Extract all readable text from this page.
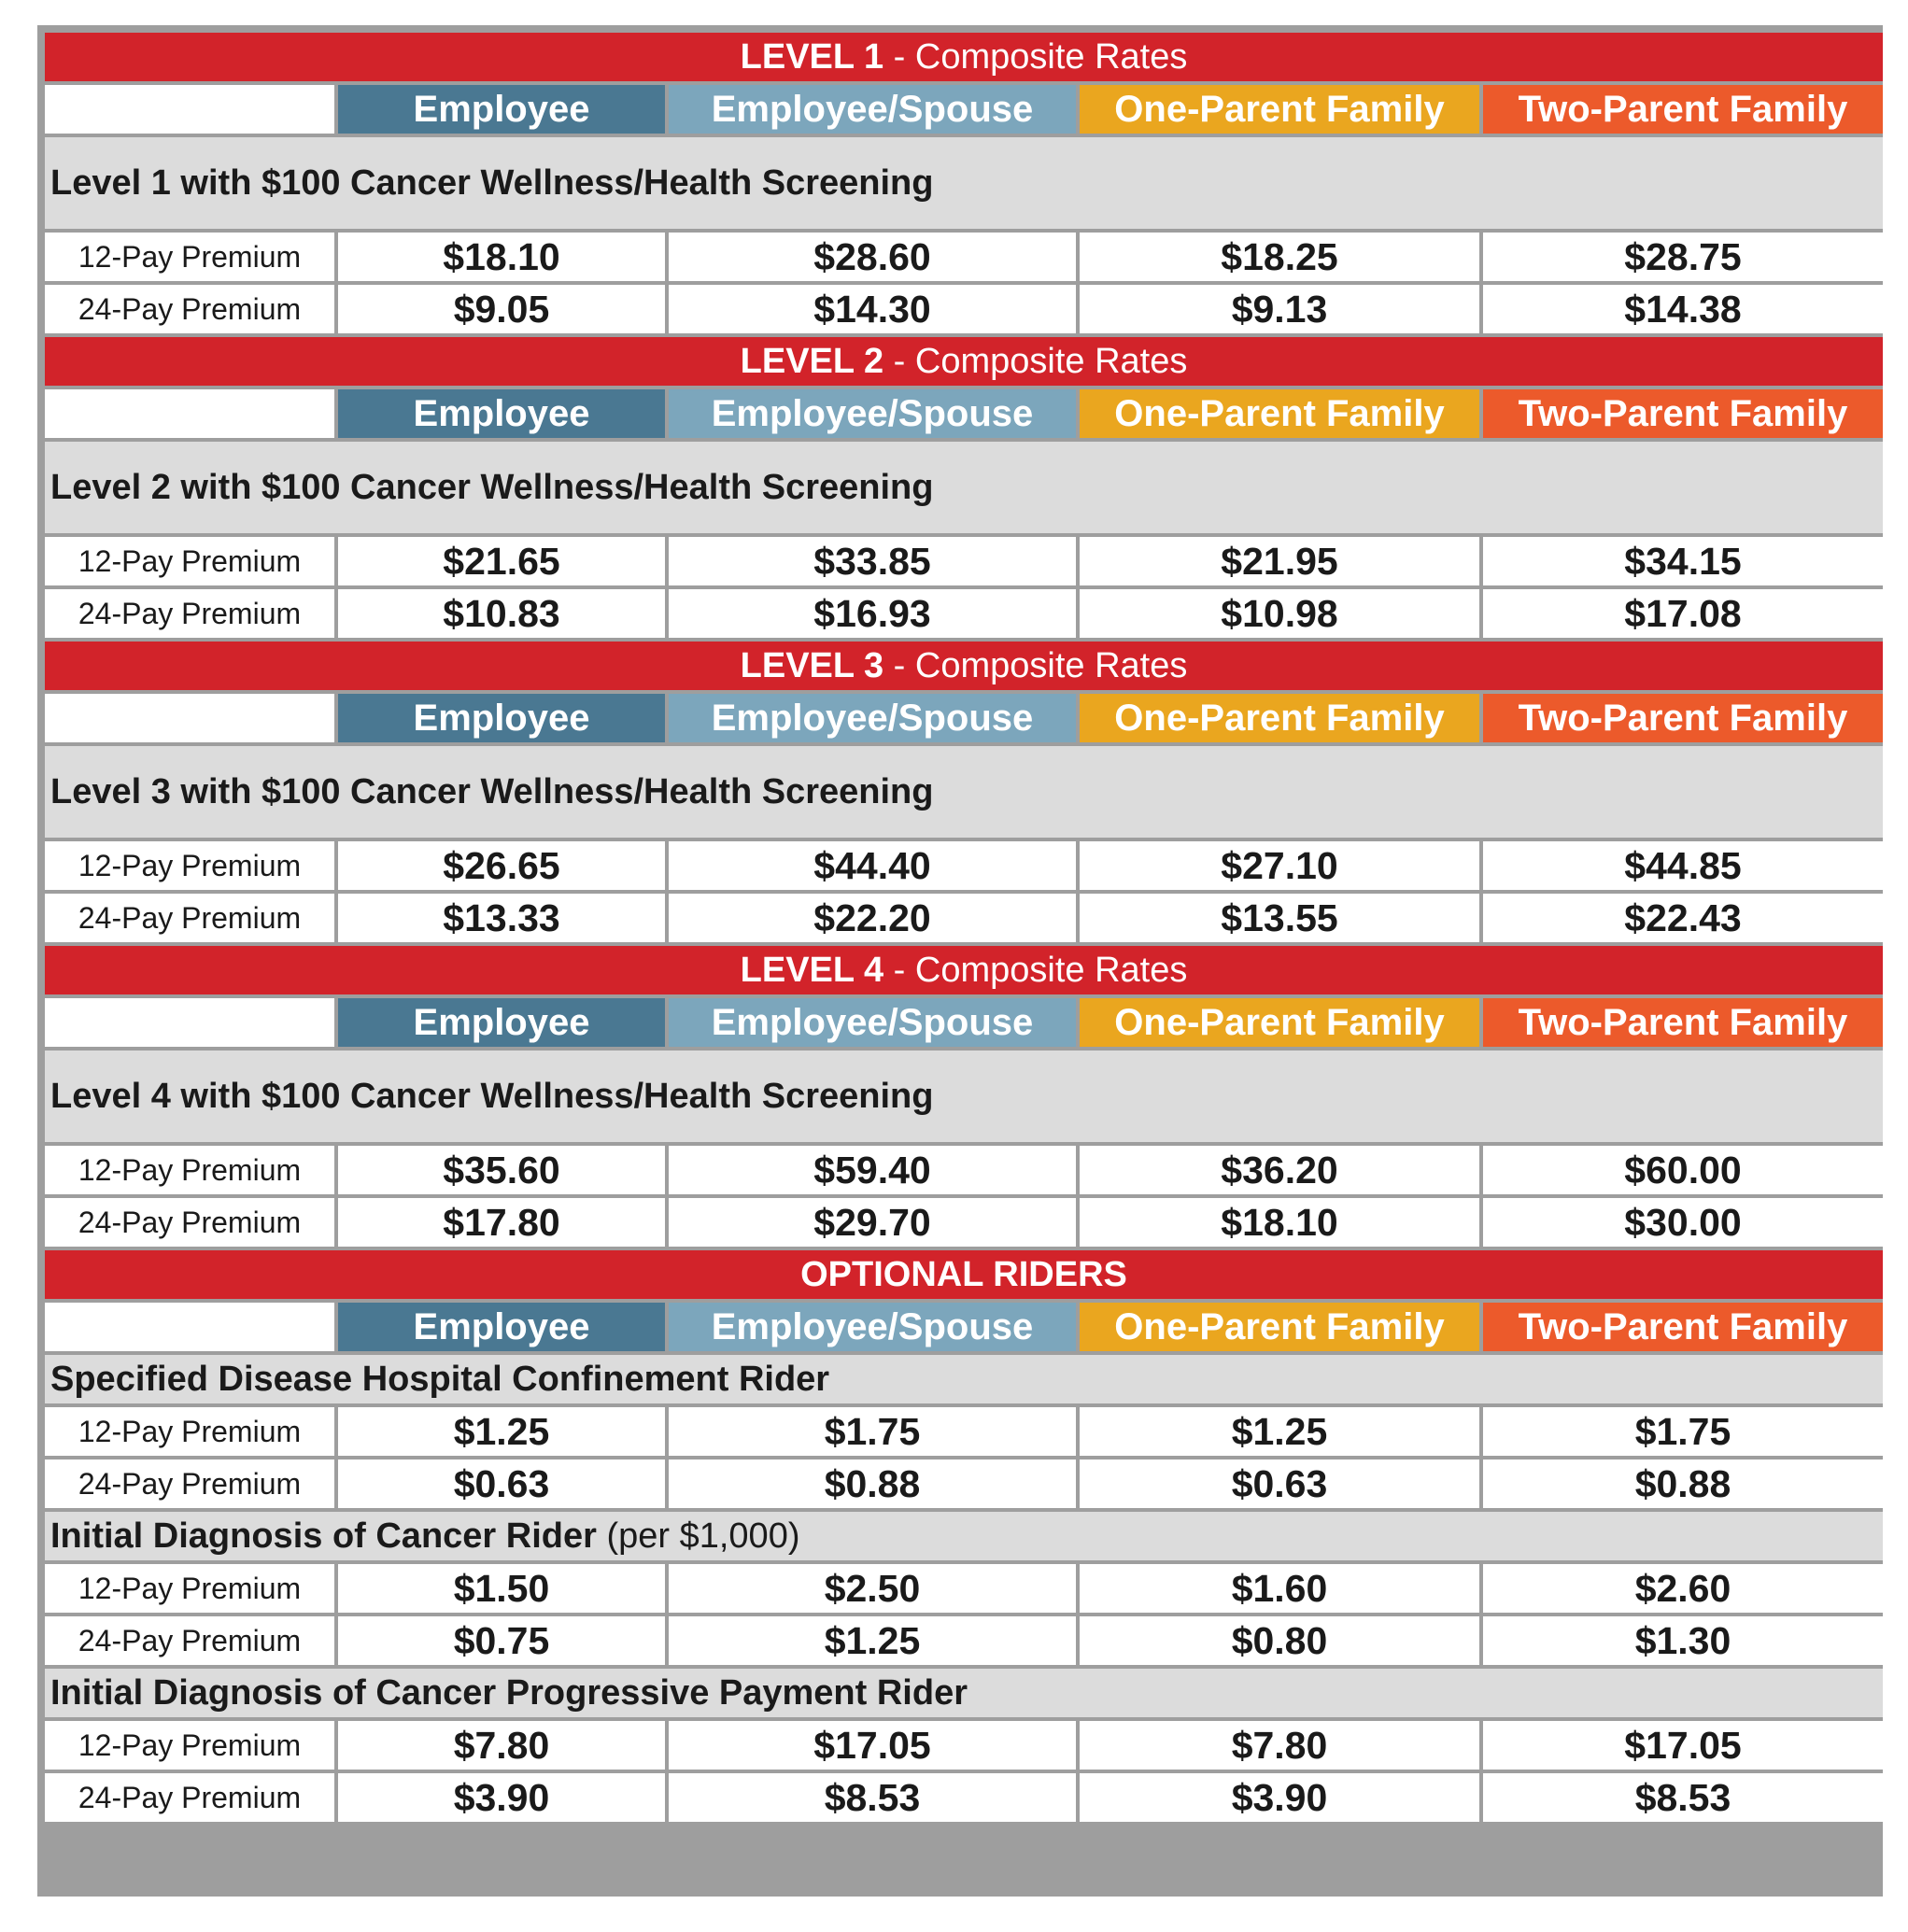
LEVEL 1 - Composite Rates
Employee	Employee/Spouse	One-Parent Family	Two-Parent Family
Level 1 with $100 Cancer Wellness/Health Screening
12-Pay Premium	$18.10	$28.60	$18.25	$28.75
24-Pay Premium	$9.05	$14.30	$9.13	$14.38
LEVEL 2 - Composite Rates
Employee	Employee/Spouse	One-Parent Family	Two-Parent Family
Level 2 with $100 Cancer Wellness/Health Screening
12-Pay Premium	$21.65	$33.85	$21.95	$34.15
24-Pay Premium	$10.83	$16.93	$10.98	$17.08
LEVEL 3 - Composite Rates
Employee	Employee/Spouse	One-Parent Family	Two-Parent Family
Level 3 with $100 Cancer Wellness/Health Screening
12-Pay Premium	$26.65	$44.40	$27.10	$44.85
24-Pay Premium	$13.33	$22.20	$13.55	$22.43
LEVEL 4 - Composite Rates
Employee	Employee/Spouse	One-Parent Family	Two-Parent Family
Level 4 with $100 Cancer Wellness/Health Screening
12-Pay Premium	$35.60	$59.40	$36.20	$60.00
24-Pay Premium	$17.80	$29.70	$18.10	$30.00
OPTIONAL RIDERS
Employee	Employee/Spouse	One-Parent Family	Two-Parent Family
Specified Disease Hospital Confinement Rider
12-Pay Premium	$1.25	$1.75	$1.25	$1.75
24-Pay Premium	$0.63	$0.88	$0.63	$0.88
Initial Diagnosis of Cancer Rider (per $1,000)
12-Pay Premium	$1.50	$2.50	$1.60	$2.60
24-Pay Premium	$0.75	$1.25	$0.80	$1.30
Initial Diagnosis of Cancer Progressive Payment Rider
12-Pay Premium	$7.80	$17.05	$7.80	$17.05
24-Pay Premium	$3.90	$8.53	$3.90	$8.53
